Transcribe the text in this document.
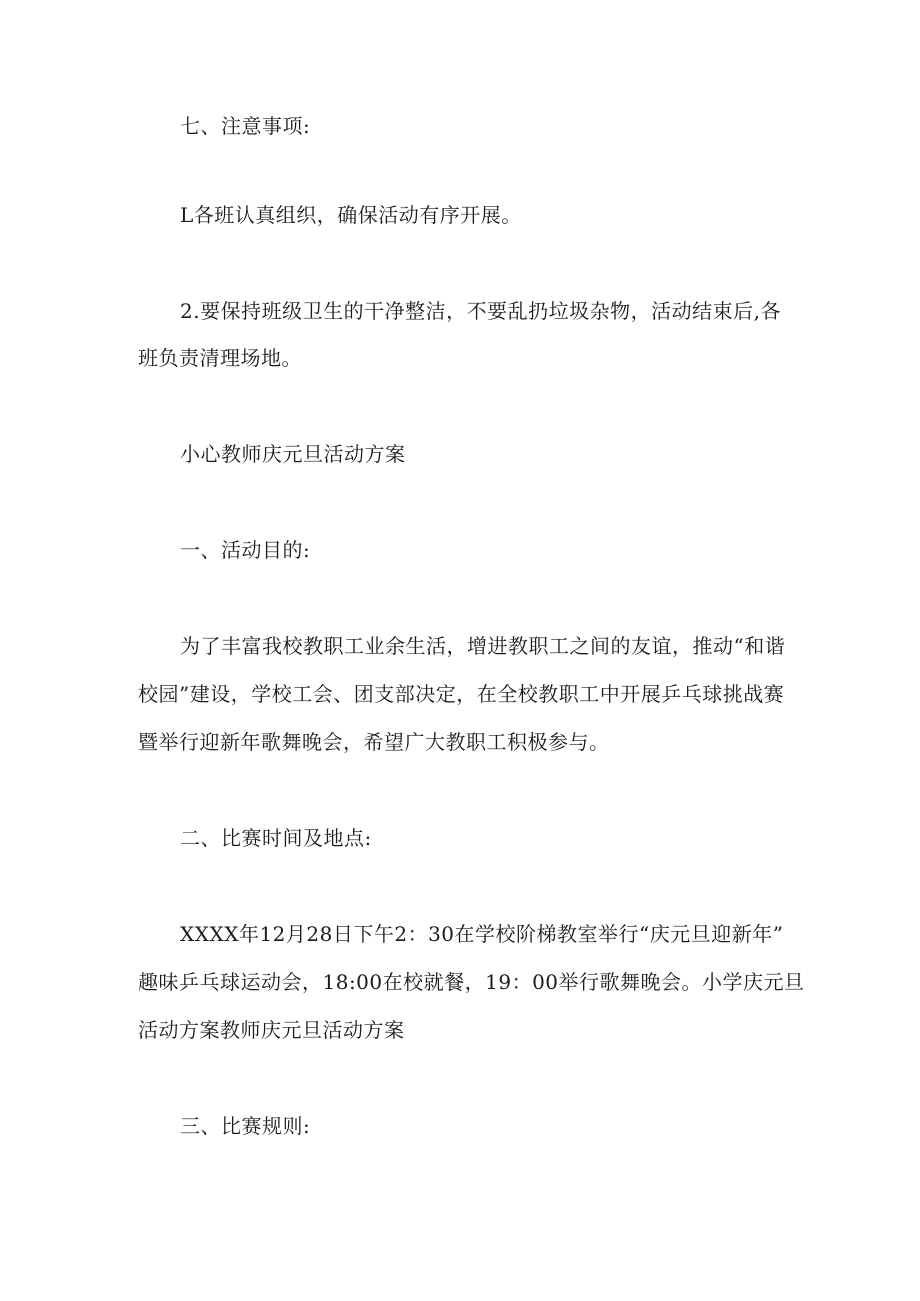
七、注意事项:
L各班认真组织，确保活动有序开展。
2.要保持班级卫生的干净整洁，不要乱扔垃圾杂物，活动结束后,各
班负责清理场地。
小心教师庆元旦活动方案
一、活动目的:
为了丰富我校教职工业余生活，增进教职工之间的友谊，推动“和谐
校园”建设，学校工会、团支部决定，在全校教职工中开展乒乓球挑战赛
暨举行迎新年歌舞晚会，希望广大教职工积极参与。
二、比赛时间及地点:
XXXX年12月28日下午2：30在学校阶梯教室举行“庆元旦迎新年”
趣味乒乓球运动会，18:00在校就餐，19：00举行歌舞晚会。小学庆元旦
活动方案教师庆元旦活动方案
三、比赛规则:
